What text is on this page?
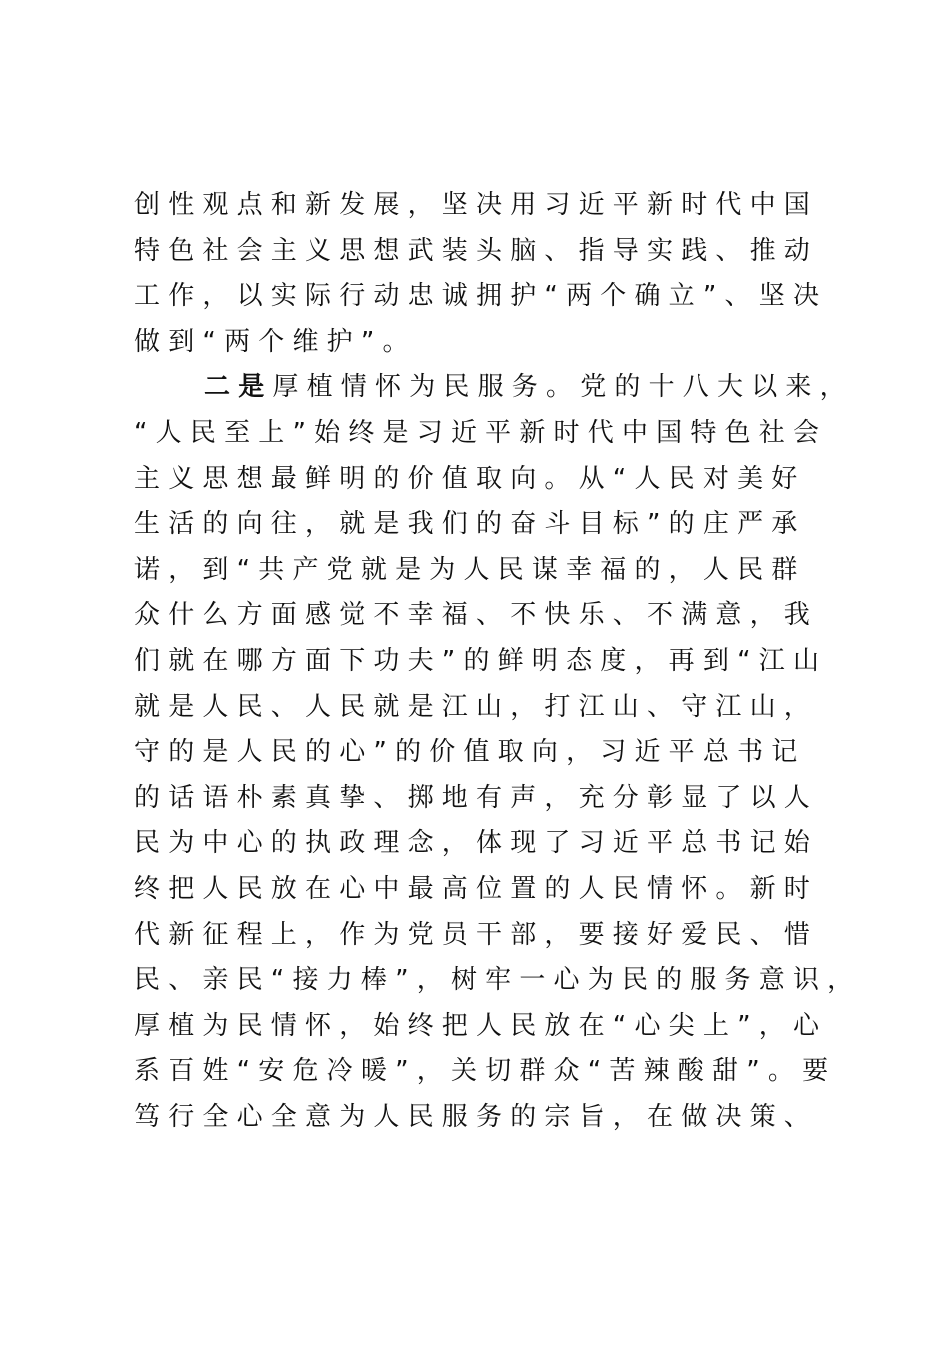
创性观点和新发展，坚决用习近平新时代中国
特色社会主义思想武装头脑、指导实践、推动
工作，以实际行动忠诚拥护“两个确立”、坚决
做到“两个维护”。
二是厚植情怀为民服务。党的十八大以来，
“人民至上”始终是习近平新时代中国特色社会
主义思想最鲜明的价值取向。从“人民对美好
生活的向往，就是我们的奋斗目标”的庄严承
诺，到“共产党就是为人民谋幸福的，人民群
众什么方面感觉不幸福、不快乐、不满意，我
们就在哪方面下功夫”的鲜明态度，再到“江山
就是人民、人民就是江山，打江山、守江山，
守的是人民的心”的价值取向，习近平总书记
的话语朴素真挚、掷地有声，充分彰显了以人
民为中心的执政理念，体现了习近平总书记始
终把人民放在心中最高位置的人民情怀。新时
代新征程上，作为党员干部，要接好爱民、惜
民、亲民“接力棒”，树牢一心为民的服务意识，
厚植为民情怀，始终把人民放在“心尖上”，心
系百姓“安危冷暖”，关切群众“苦辣酸甜”。要
笃行全心全意为人民服务的宗旨，在做决策、
